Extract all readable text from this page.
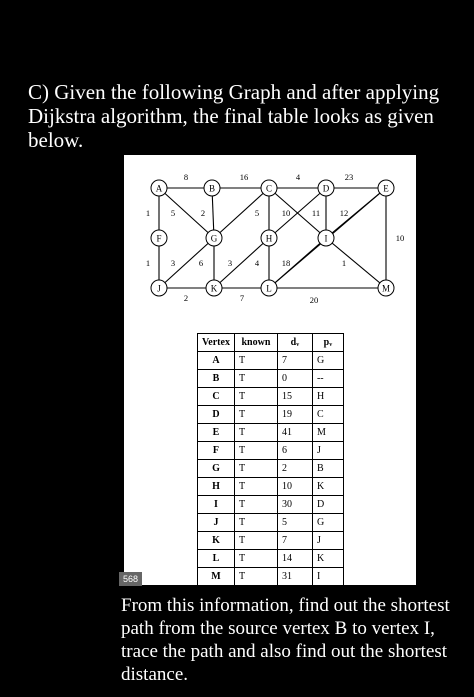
C) Given the following Graph and after applying Dijkstra algorithm, the final table looks as given below.

A	B	C	D	E
F	G	H	I
J	K	L	M
8	16	4	23
1 5	2	5	10	11 12
10
1 3	6	3	4	18	1
2	7	20
Vertex	known	dᵥ	pᵥ
A	T	7	G
B	T	0	--
C	T	15	H
D	T	19	C
E	T	41	M
F	T	6	J
G	T	2	B
H	T	10	K
I	T	30	D
J	T	5	G
K	T	7	J
L	T	14	K
M	T	31	I
568

From this information, find out the shortest path from the source vertex B to vertex I, trace the path and also find out the shortest distance.
